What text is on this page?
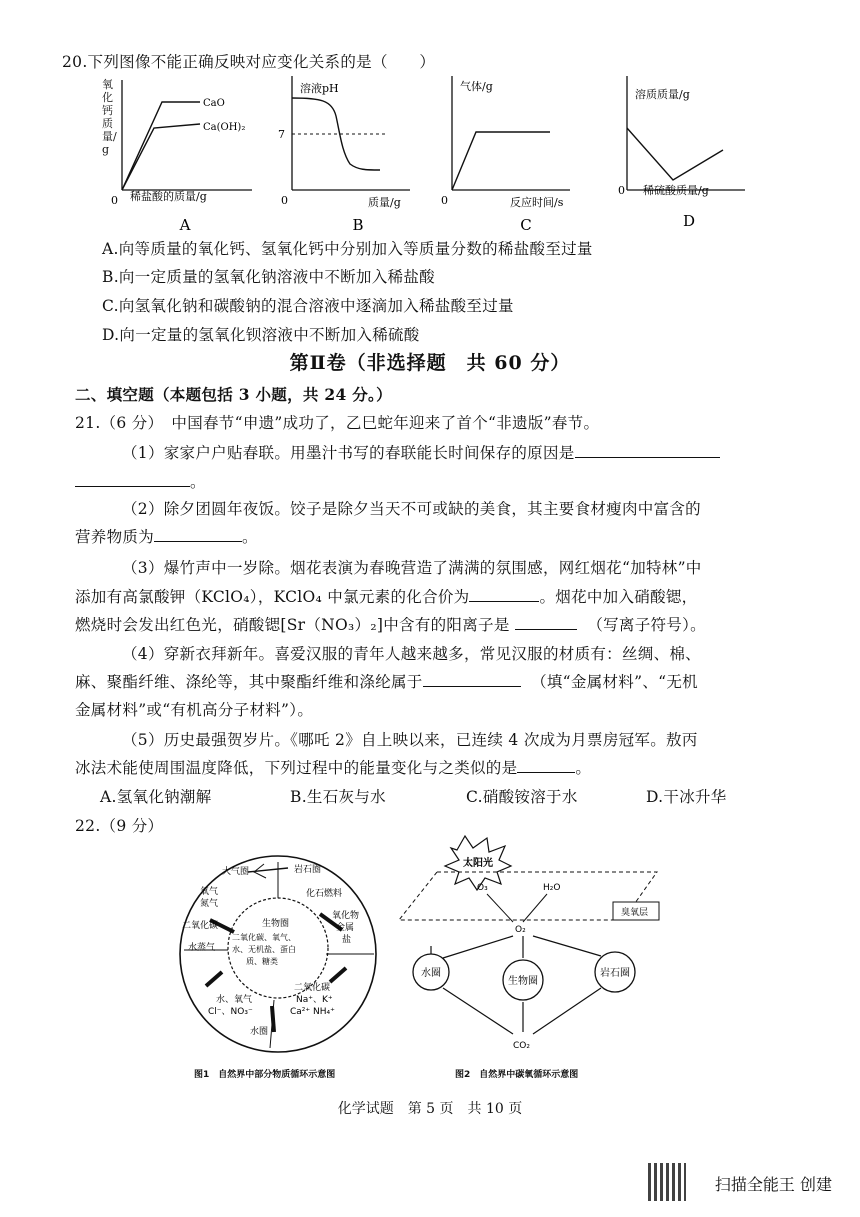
20.下列图像不能正确反映对应变化关系的是（　　）
CaO
Ca(OH)₂
0 稀盐酸的质量/g
A
氧化钙质量/g
溶液pH
7
0	质量/g
B
气体/g
0	反应时间/s
C
溶质质量/g
0 稀硫酸质量/g
D
A.向等质量的氧化钙、氢氧化钙中分别加入等质量分数的稀盐酸至过量
B.向一定质量的氢氧化钠溶液中不断加入稀盐酸
C.向氢氧化钠和碳酸钠的混合溶液中逐滴加入稀盐酸至过量
D.向一定量的氢氧化钡溶液中不断加入稀硫酸
第Ⅱ卷（非选择题　共 60 分）
二、填空题（本题包括 3 小题，共 24 分。）
21.（6 分）　中国春节“申遗”成功了，乙巳蛇年迎来了首个“非遗版”春节。
（1）家家户户贴春联。用墨汁书写的春联能长时间保存的原因是
。
（2）除夕团圆年夜饭。饺子是除夕当天不可或缺的美食，其主要食材瘦肉中富含的
营养物质为	。
（3）爆竹声中一岁除。烟花表演为春晚营造了满满的氛围感，网红烟花“加特林”中
添加有高氯酸钾（KClO₄），KClO₄ 中氯元素的化合价为	。烟花中加入硝酸锶，
燃烧时会发出红色光，硝酸锶[Sr（NO₃）₂]中含有的阳离子是	（写离子符号）。
（4）穿新衣拜新年。喜爱汉服的青年人越来越多，常见汉服的材质有：丝绸、棉、
麻、聚酯纤维、涤纶等，其中聚酯纤维和涤纶属于	（填“金属材料”、“无机
金属材料”或“有机高分子材料”）。
（5）历史最强贺岁片。《哪吒 2》自上映以来，已连续 4 次成为月票房冠军。敖丙
冰法术能使周围温度降低，下列过程中的能量变化与之类似的是	。
A.氢氧化钠潮解	B.生石灰与水	C.硝酸铵溶于水	D.干冰升华
22.（9 分）
大气圈	岩石圈
氧气
氮气
二氧化碳
水蒸气
化石燃料
氧化物
金属
盐
生物圈
二氧化碳、氧气、
水、无机盐、蛋白
质、糖类
水、氧气
Cl⁻、NO₃⁻
水圈
二氧化碳
Na⁺、K⁺
Ca²⁺ NH₄⁺
图1　自然界中部分物质循环示意图
太阳光
O₃	H₂O
臭氧层
O₂
水圈
生物圈
岩石圈
CO₂
图2　自然界中碳氧循环示意图
化学试题　第 5 页　共 10 页
扫描全能王 创建
